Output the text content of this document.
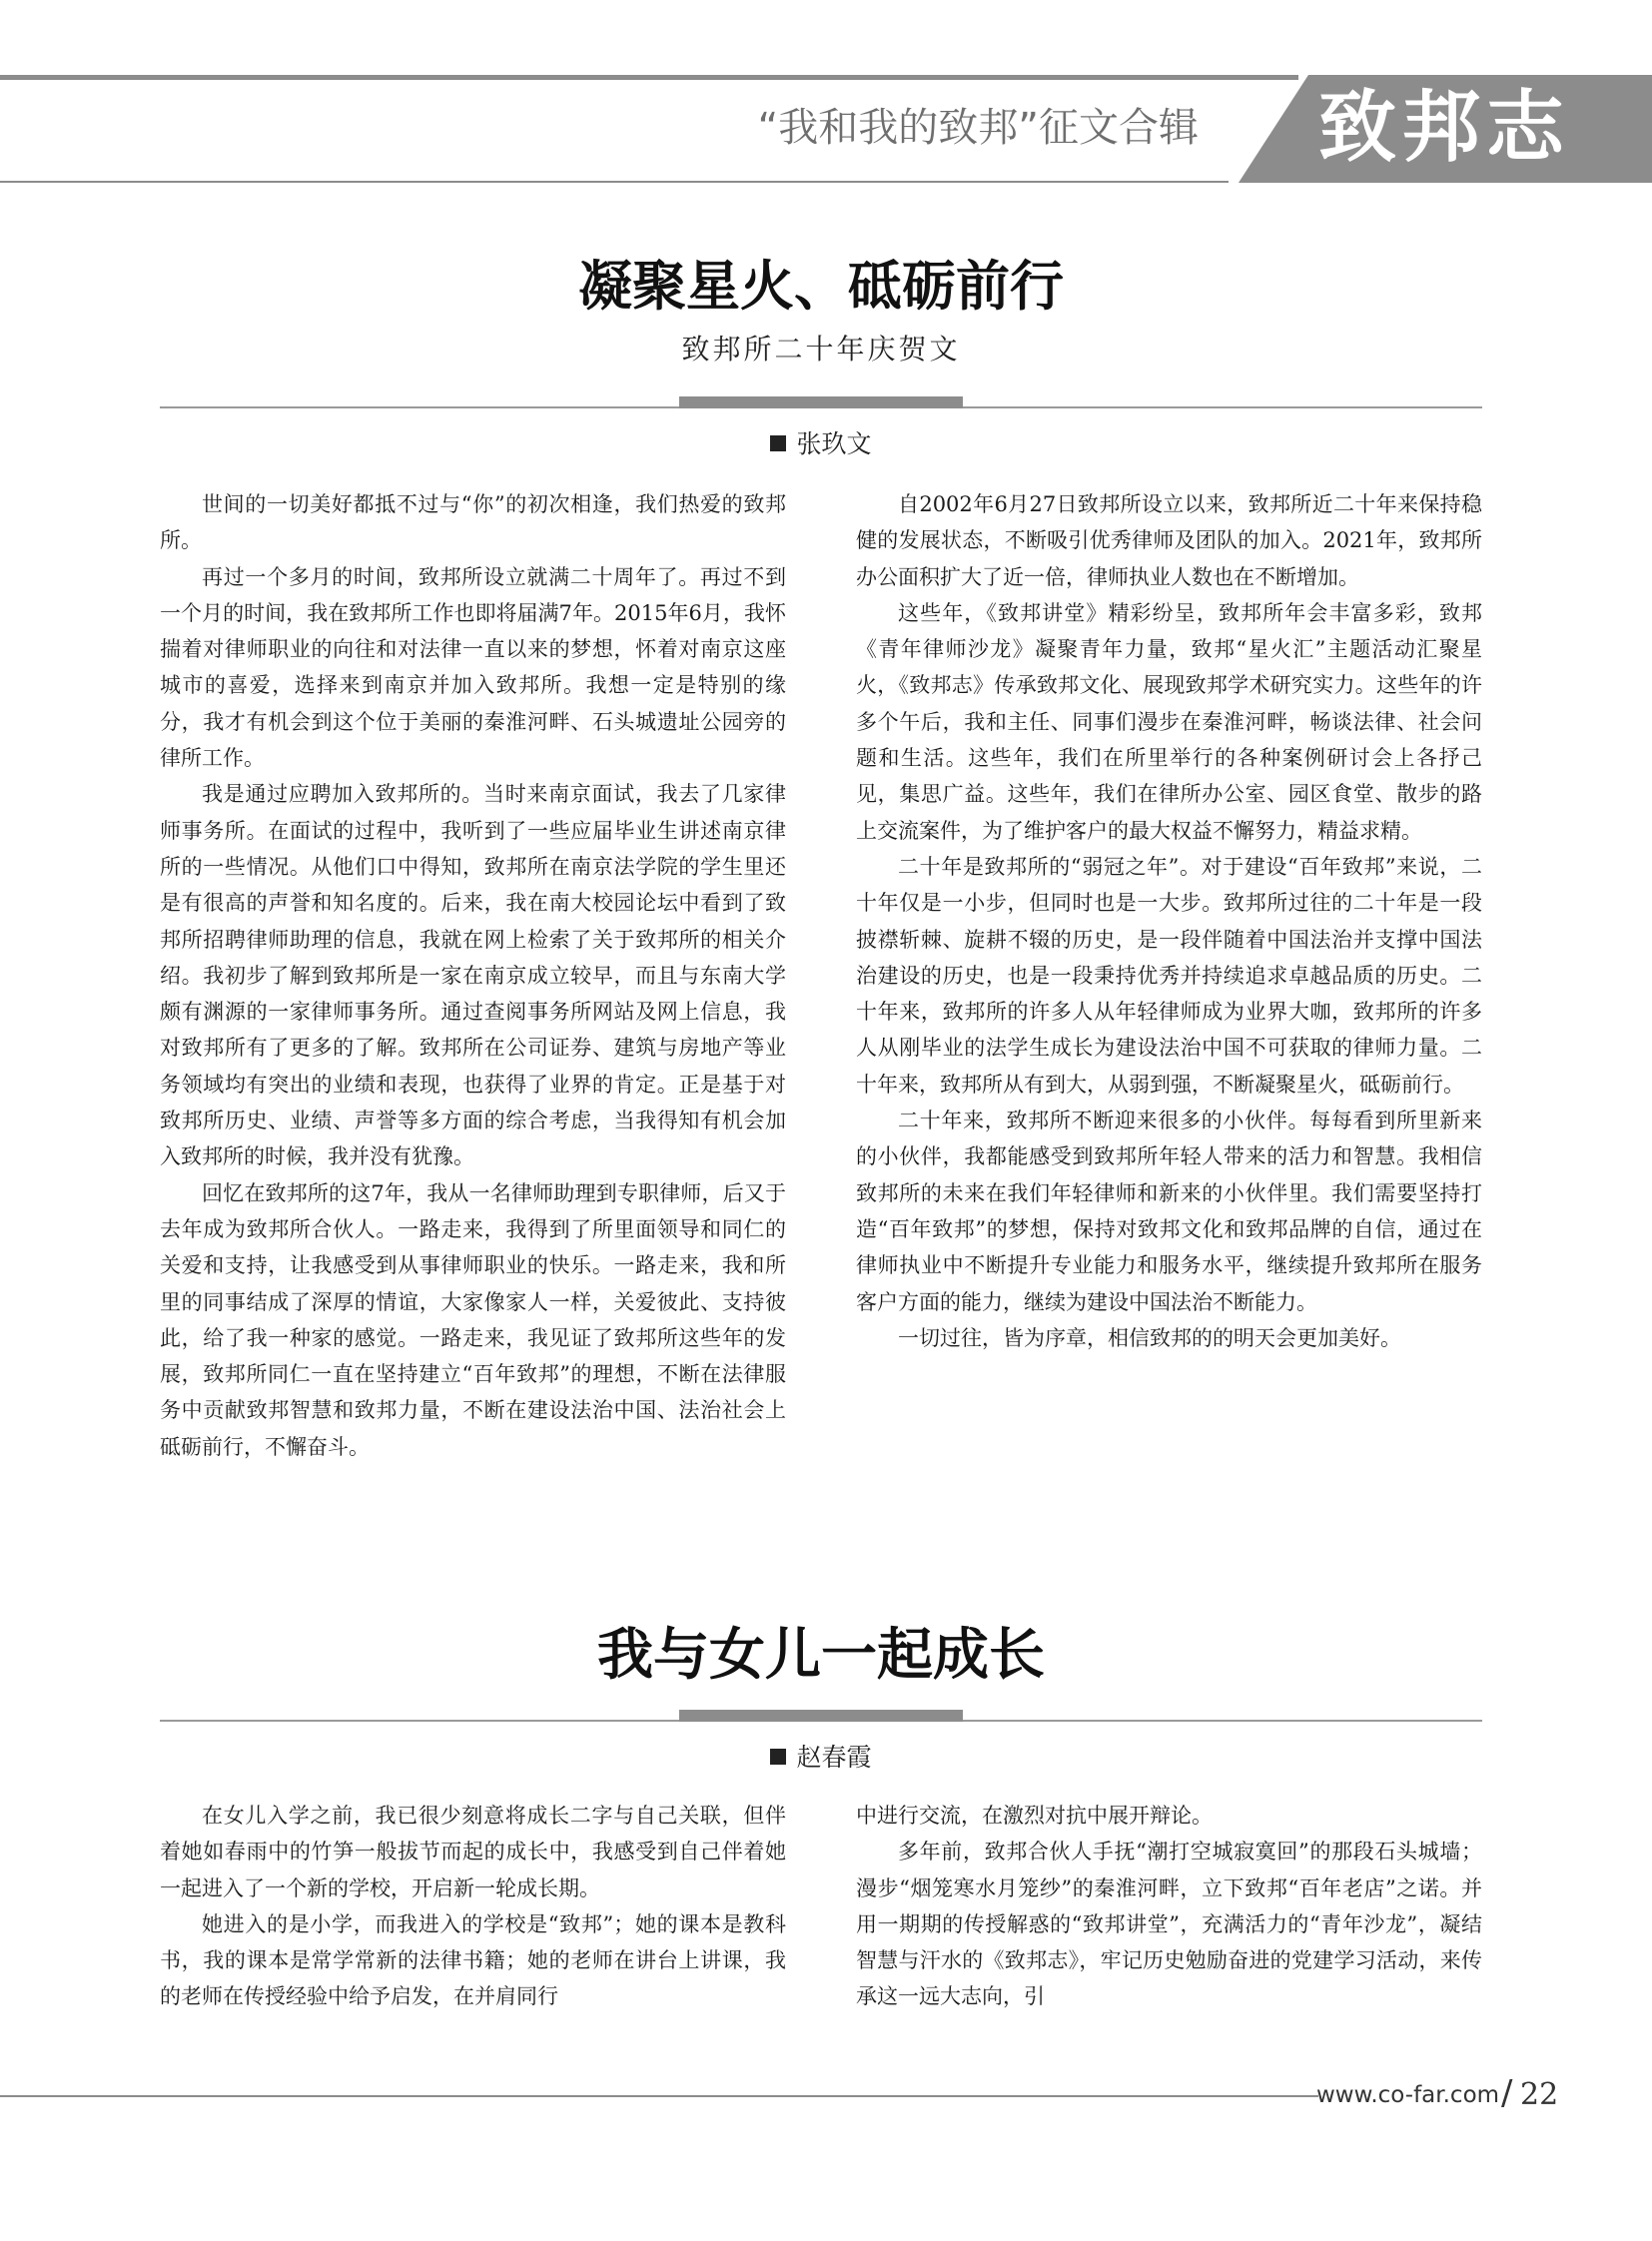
“我和我的致邦”征文合辑 致邦志
凝聚星火、砥砺前行
致邦所二十年庆贺文
张玖文

世间的一切美好都抵不过与“你”的初次相逢，我们热爱的致邦所。

再过一个多月的时间，致邦所设立就满二十周年了。再过不到一个月的时间，我在致邦所工作也即将届满7年。2015年6月，我怀揣着对律师职业的向往和对法律一直以来的梦想，怀着对南京这座城市的喜爱，选择来到南京并加入致邦所。我想一定是特别的缘分，我才有机会到这个位于美丽的秦淮河畔、石头城遗址公园旁的律所工作。

我是通过应聘加入致邦所的。当时来南京面试，我去了几家律师事务所。在面试的过程中，我听到了一些应届毕业生讲述南京律所的一些情况。从他们口中得知，致邦所在南京法学院的学生里还是有很高的声誉和知名度的。后来，我在南大校园论坛中看到了致邦所招聘律师助理的信息，我就在网上检索了关于致邦所的相关介绍。我初步了解到致邦所是一家在南京成立较早，而且与东南大学颇有渊源的一家律师事务所。通过查阅事务所网站及网上信息，我对致邦所有了更多的了解。致邦所在公司证券、建筑与房地产等业务领域均有突出的业绩和表现，也获得了业界的肯定。正是基于对致邦所历史、业绩、声誉等多方面的综合考虑，当我得知有机会加入致邦所的时候，我并没有犹豫。

回忆在致邦所的这7年，我从一名律师助理到专职律师，后又于去年成为致邦所合伙人。一路走来，我得到了所里面领导和同仁的关爱和支持，让我感受到从事律师职业的快乐。一路走来，我和所里的同事结成了深厚的情谊，大家像家人一样，关爱彼此、支持彼此，给了我一种家的感觉。一路走来，我见证了致邦所这些年的发展，致邦所同仁一直在坚持建立“百年致邦”的理想，不断在法律服务中贡献致邦智慧和致邦力量，不断在建设法治中国、法治社会上砥砺前行，不懈奋斗。

自2002年6月27日致邦所设立以来，致邦所近二十年来保持稳健的发展状态，不断吸引优秀律师及团队的加入。2021年，致邦所办公面积扩大了近一倍，律师执业人数也在不断增加。

这些年，《致邦讲堂》精彩纷呈，致邦所年会丰富多彩，致邦《青年律师沙龙》凝聚青年力量，致邦“星火汇”主题活动汇聚星火，《致邦志》传承致邦文化、展现致邦学术研究实力。这些年的许多个午后，我和主任、同事们漫步在秦淮河畔，畅谈法律、社会问题和生活。这些年，我们在所里举行的各种案例研讨会上各抒己见，集思广益。这些年，我们在律所办公室、园区食堂、散步的路上交流案件，为了维护客户的最大权益不懈努力，精益求精。

二十年是致邦所的“弱冠之年”。对于建设“百年致邦”来说，二十年仅是一小步，但同时也是一大步。致邦所过往的二十年是一段披襟斩棘、旋耕不辍的历史，是一段伴随着中国法治并支撑中国法治建设的历史，也是一段秉持优秀并持续追求卓越品质的历史。二十年来，致邦所的许多人从年轻律师成为业界大咖，致邦所的许多人从刚毕业的法学生成长为建设法治中国不可获取的律师力量。二十年来，致邦所从有到大，从弱到强，不断凝聚星火，砥砺前行。

二十年来，致邦所不断迎来很多的小伙伴。每每看到所里新来的小伙伴，我都能感受到致邦所年轻人带来的活力和智慧。我相信致邦所的未来在我们年轻律师和新来的小伙伴里。我们需要坚持打造“百年致邦”的梦想，保持对致邦文化和致邦品牌的自信，通过在律师执业中不断提升专业能力和服务水平，继续提升致邦所在服务客户方面的能力，继续为建设中国法治不断能力。

一切过往，皆为序章，相信致邦的的明天会更加美好。

我与女儿一起成长
赵春霞

在女儿入学之前，我已很少刻意将成长二字与自己关联，但伴着她如春雨中的竹笋一般拔节而起的成长中，我感受到自己伴着她一起进入了一个新的学校，开启新一轮成长期。

她进入的是小学，而我进入的学校是“致邦”；她的课本是教科书，我的课本是常学常新的法律书籍；她的老师在讲台上讲课，我的老师在传授经验中给予启发，在并肩同行

中进行交流，在激烈对抗中展开辩论。

多年前，致邦合伙人手抚“潮打空城寂寞回”的那段石头城墙；漫步“烟笼寒水月笼纱”的秦淮河畔，立下致邦“百年老店”之诺。并用一期期的传授解惑的“致邦讲堂”，充满活力的“青年沙龙”，凝结智慧与汗水的《致邦志》，牢记历史勉励奋进的党建学习活动，来传承这一远大志向，引

www.co-far.com / 22
